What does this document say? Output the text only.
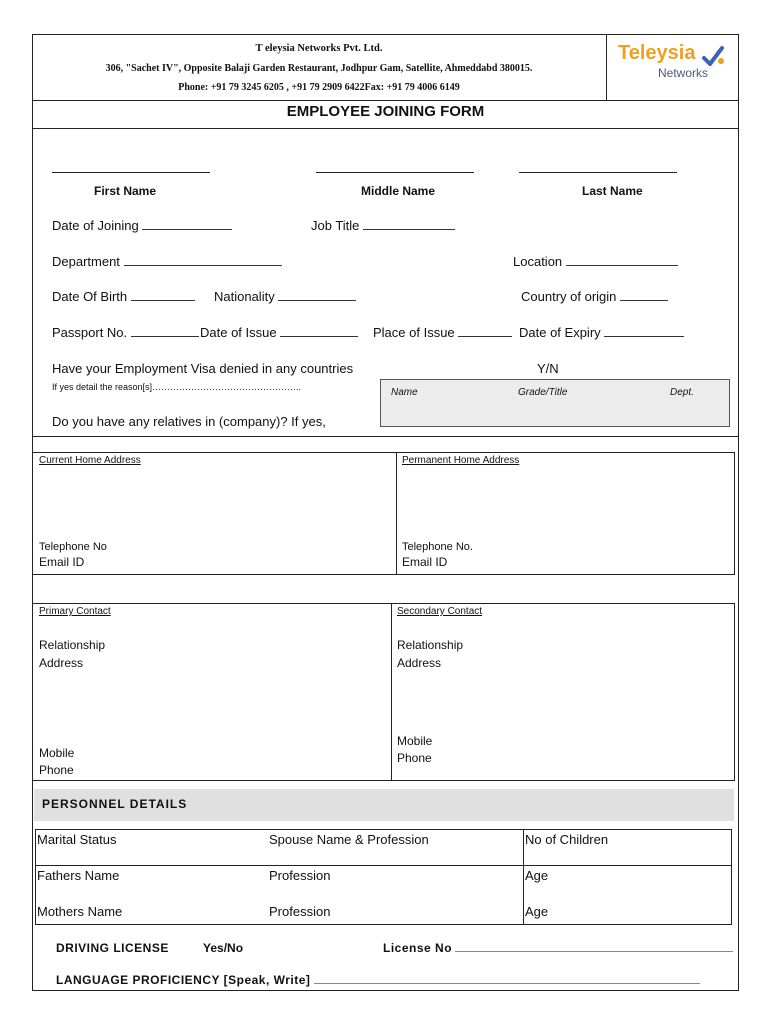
T eleysia Networks Pvt. Ltd.
306, "Sachet IV", Opposite Balaji Garden Restaurant, Jodhpur Gam, Satellite, Ahmeddabd 380015.
Phone: +91 79 3245 6205 , +91 79 2909 6422Fax: +91 79 4006 6149
Teleysia
Networks
EMPLOYEE JOINING FORM
First Name	Middle Name	Last Name
Date of Joining	Job Title
Department	Location
Date Of Birth	Nationality	Country of origin
Passport No.	Date of Issue	Place of Issue	Date of Expiry
Have your Employment Visa denied in any countries	Y/N
If yes detail the reason[s]…………………………………………..	Name	Grade/Title	Dept.
Do you have any relatives in (company)? If yes,
Current Home Address	Permanent Home Address
Telephone No
Email ID
Telephone No.
Email ID
Primary Contact
Relationship
Address
Mobile
Phone
Secondary Contact
Relationship
Address
Mobile
Phone
PERSONNEL DETAILS
Marital Status	Spouse Name & Profession	No of Children
Fathers Name	Profession	Age
Mothers Name	Profession	Age
DRIVING LICENSE	Yes/No	License No
LANGUAGE PROFICIENCY [Speak, Write]
